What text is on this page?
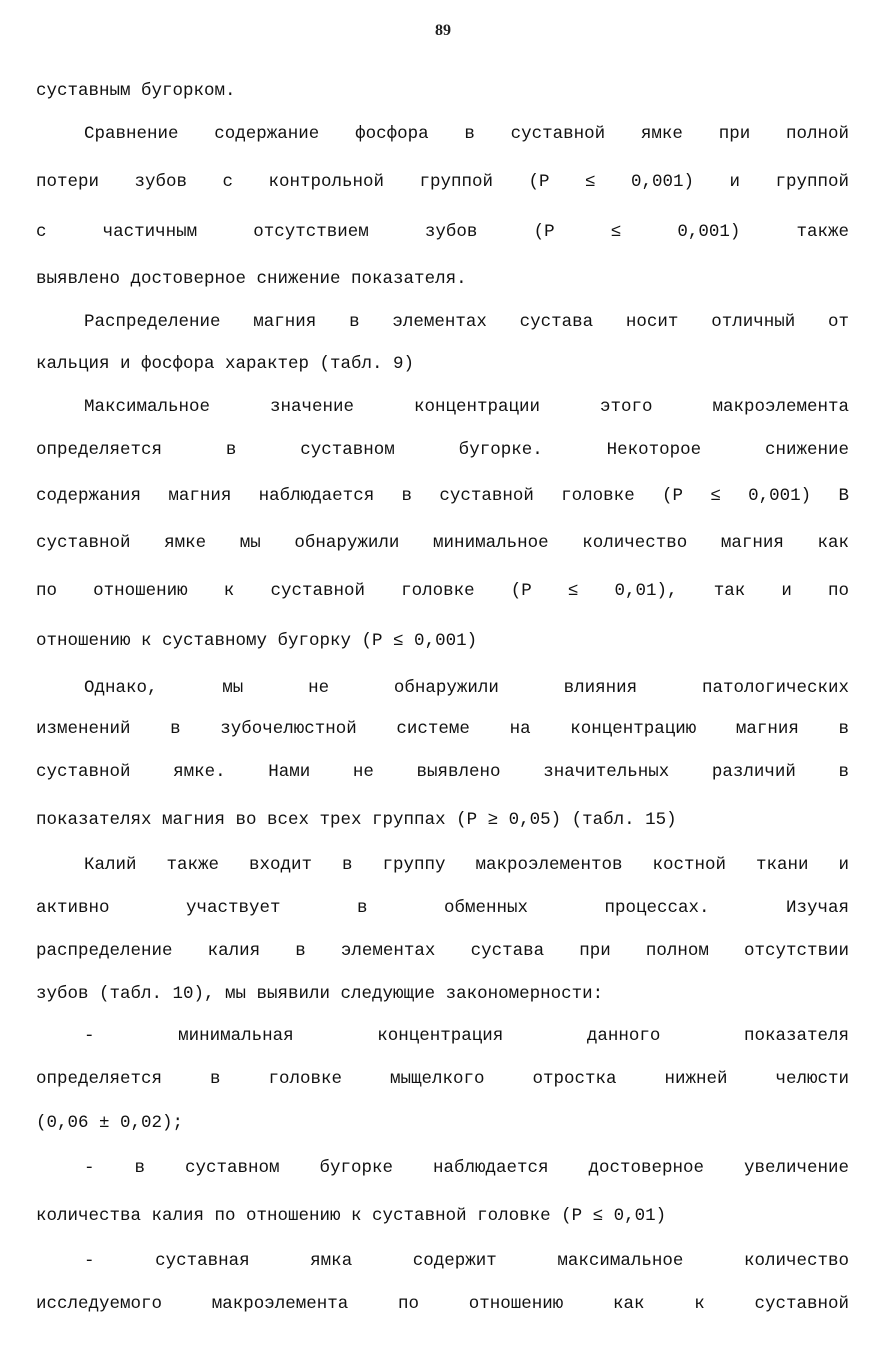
89
суставным бугорком.
Сравнение содержание фосфора в суставной ямке при полной
потери зубов с контрольной группой (Р ≤ 0,001) и группой
с частичным отсутствием зубов (Р ≤ 0,001) также
выявлено достоверное снижение показателя.
Распределение магния в элементах сустава носит отличный от
кальция и фосфора характер (табл. 9)
Максимальное значение концентрации этого макроэлемента
определяется в суставном бугорке. Некоторое снижение
содержания магния наблюдается в суставной головке (Р ≤ 0,001) В
суставной ямке мы обнаружили минимальное количество магния как
по отношению к суставной головке (Р ≤ 0,01), так и по
отношению к суставному бугорку (Р ≤ 0,001)
Однако, мы не обнаружили влияния патологических
изменений в зубочелюстной системе на концентрацию магния в
суставной ямке. Нами не выявлено значительных различий в
показателях магния во всех трех группах (Р ≥ 0,05) (табл. 15)
Калий также входит в группу макроэлементов костной ткани и
активно участвует в обменных процессах. Изучая
распределение калия в элементах сустава при полном отсутствии
зубов (табл. 10), мы выявили следующие закономерности:
- минимальная концентрация данного показателя
определяется в головке мыщелкого отростка нижней челюсти
(0,06 ± 0,02);
- в суставном бугорке наблюдается достоверное увеличение
количества калия по отношению к суставной головке (Р ≤ 0,01)
- суставная ямка содержит максимальное количество
исследуемого макроэлемента по отношению как к суставной
